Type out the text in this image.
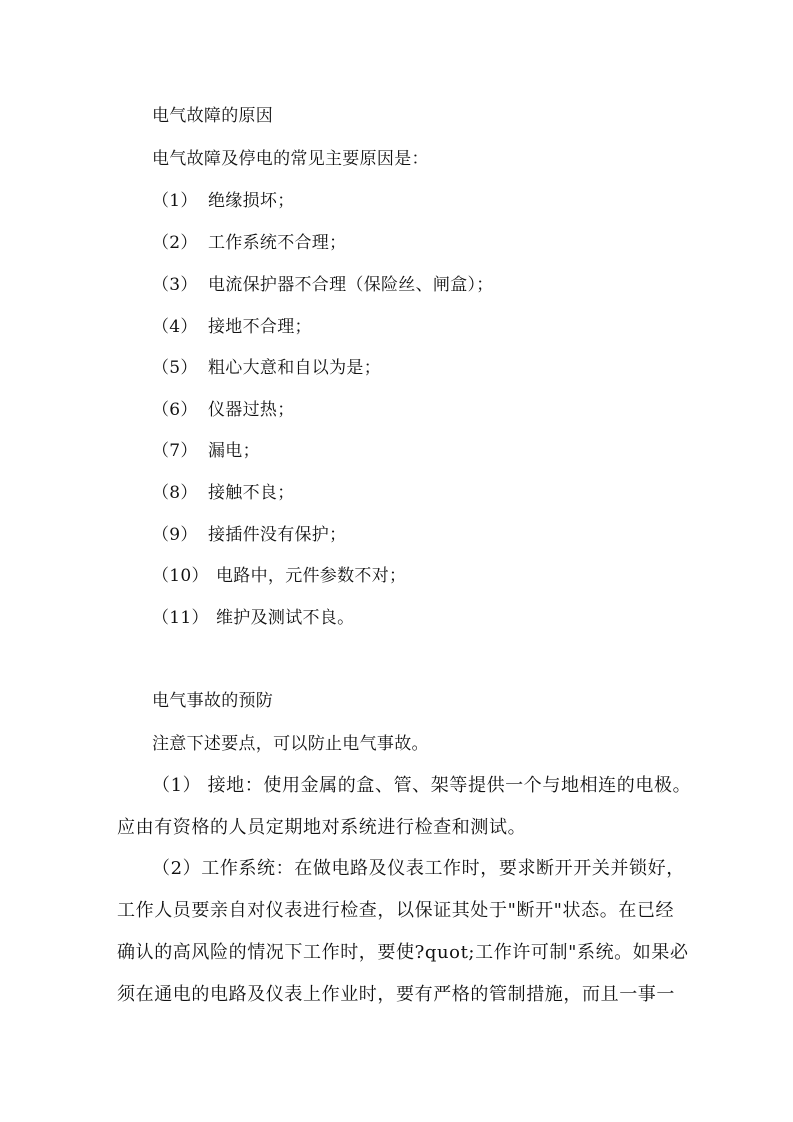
电气故障的原因
电气故障及停电的常见主要原因是：
（1） 绝缘损坏；
（2） 工作系统不合理；
（3） 电流保护器不合理（保险丝、闸盒）；
（4） 接地不合理；
（5） 粗心大意和自以为是；
（6） 仪器过热；
（7） 漏电；
（8） 接触不良；
（9） 接插件没有保护；
（10） 电路中，元件参数不对；
（11） 维护及测试不良。
电气事故的预防
注意下述要点，可以防止电气事故。
（1） 接地：使用金属的盒、管、架等提供一个与地相连的电极。
应由有资格的人员定期地对系统进行检查和测试。
（2）工作系统：在做电路及仪表工作时，要求断开开关并锁好，
工作人员要亲自对仪表进行检查，以保证其处于"断开"状态。在已经
确认的高风险的情况下工作时，要使?quot;工作许可制"系统。如果必
须在通电的电路及仪表上作业时，要有严格的管制措施，而且一事一
